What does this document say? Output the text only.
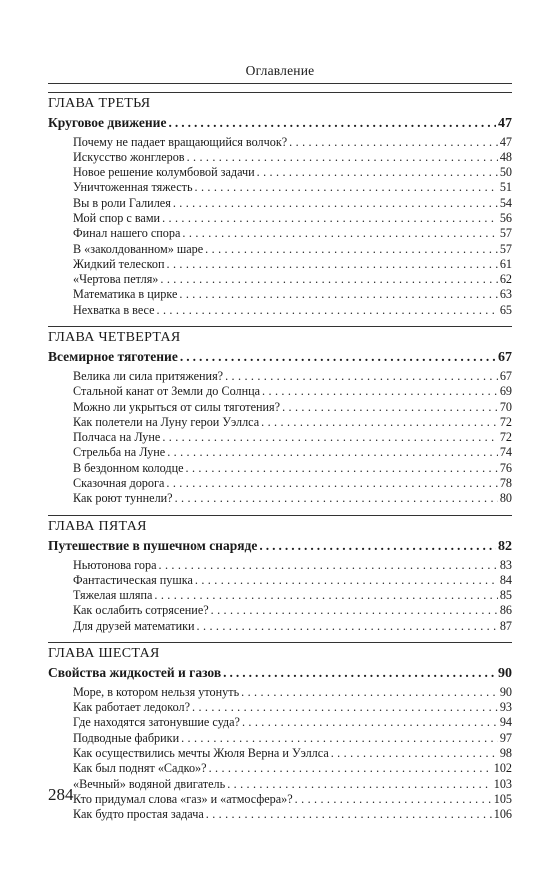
Оглавление
ГЛАВА ТРЕТЬЯ
Круговое движение .....	47
Почему не падает вращающийся волчок? .....	47
Искусство жонглеров .....	48
Новое решение колумбовой задачи .....	50
Уничтоженная тяжесть .....	51
Вы в роли Галилея .....	54
Мой спор с вами .....	56
Финал нашего спора .....	57
В «заколдованном» шаре .....	57
Жидкий телескоп .....	61
«Чертова петля» .....	62
Математика в цирке .....	63
Нехватка в весе .....	65
ГЛАВА ЧЕТВЕРТАЯ
Всемирное тяготение .....	67
Велика ли сила притяжения? .....	67
Стальной канат от Земли до Солнца .....	69
Можно ли укрыться от силы тяготения? .....	70
Как полетели на Луну герои Уэллса .....	72
Полчаса на Луне .....	72
Стрельба на Луне .....	74
В бездонном колодце .....	76
Сказочная дорога .....	78
Как роют туннели? .....	80
ГЛАВА ПЯТАЯ
Путешествие в пушечном снаряде .....	82
Ньютонова гора .....	83
Фантастическая пушка .....	84
Тяжелая шляпа .....	85
Как ослабить сотрясение? .....	86
Для друзей математики .....	87
ГЛАВА ШЕСТАЯ
Свойства жидкостей и газов .....	90
Море, в котором нельзя утонуть .....	90
Как работает ледокол? .....	93
Где находятся затонувшие суда? .....	94
Подводные фабрики .....	97
Как осуществились мечты Жюля Верна и Уэллса .....	98
Как был поднят «Садко»? .....	102
«Вечный» водяной двигатель .....	103
Кто придумал слова «газ» и «атмосфера»? .....	105
Как будто простая задача .....	106
284
